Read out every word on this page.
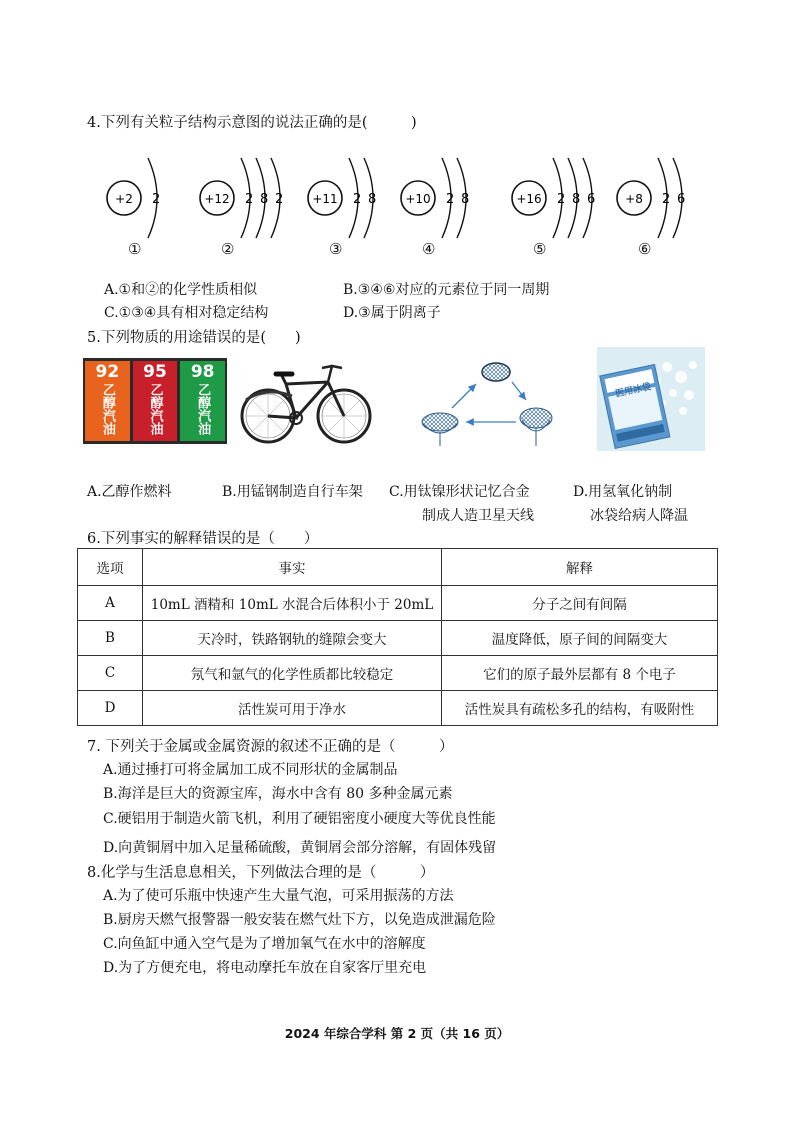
4.下列有关粒子结构示意图的说法正确的是(　　　)
+2 2
①
+12 2 8 2
②
+11 2 8
③
+10 2 8
④
+16 2 8 6
⑤
+8 2 6
⑥
A.①和②的化学性质相似	B.③④⑥对应的元素位于同一周期
C.①③④具有相对稳定结构	D.③属于阴离子
5.下列物质的用途错误的是(　　)
92
乙醇汽油
95
乙醇汽油
98
乙醇汽油	医用冰袋
A.乙醇作燃料	B.用锰钢制造自行车架 C.用钛镍形状记忆合金
制成人造卫星天线
D.用氢氧化钠制
冰袋给病人降温
6.下列事实的解释错误的是（　　）
选项	事实	解释
A	10mL 酒精和 10mL 水混合后体积小于 20mL	分子之间有间隔
B	天冷时，铁路钢轨的缝隙会变大	温度降低，原子间的间隔变大
C	氖气和氩气的化学性质都比较稳定	它们的原子最外层都有 8 个电子
D	活性炭可用于净水	活性炭具有疏松多孔的结构，有吸附性
7. 下列关于金属或金属资源的叙述不正确的是（　　　）
A.通过捶打可将金属加工成不同形状的金属制品
B.海洋是巨大的资源宝库，海水中含有 80 多种金属元素
C.硬铝用于制造火箭飞机，利用了硬铝密度小硬度大等优良性能
D.向黄铜屑中加入足量稀硫酸，黄铜屑会部分溶解，有固体残留
8.化学与生活息息相关，下列做法合理的是（　　　）
A.为了使可乐瓶中快速产生大量气泡，可采用振荡的方法
B.厨房天燃气报警器一般安装在燃气灶下方，以免造成泄漏危险
C.向鱼缸中通入空气是为了增加氧气在水中的溶解度
D.为了方便充电，将电动摩托车放在自家客厅里充电
2024 年综合学科 第 2 页（共 16 页）
